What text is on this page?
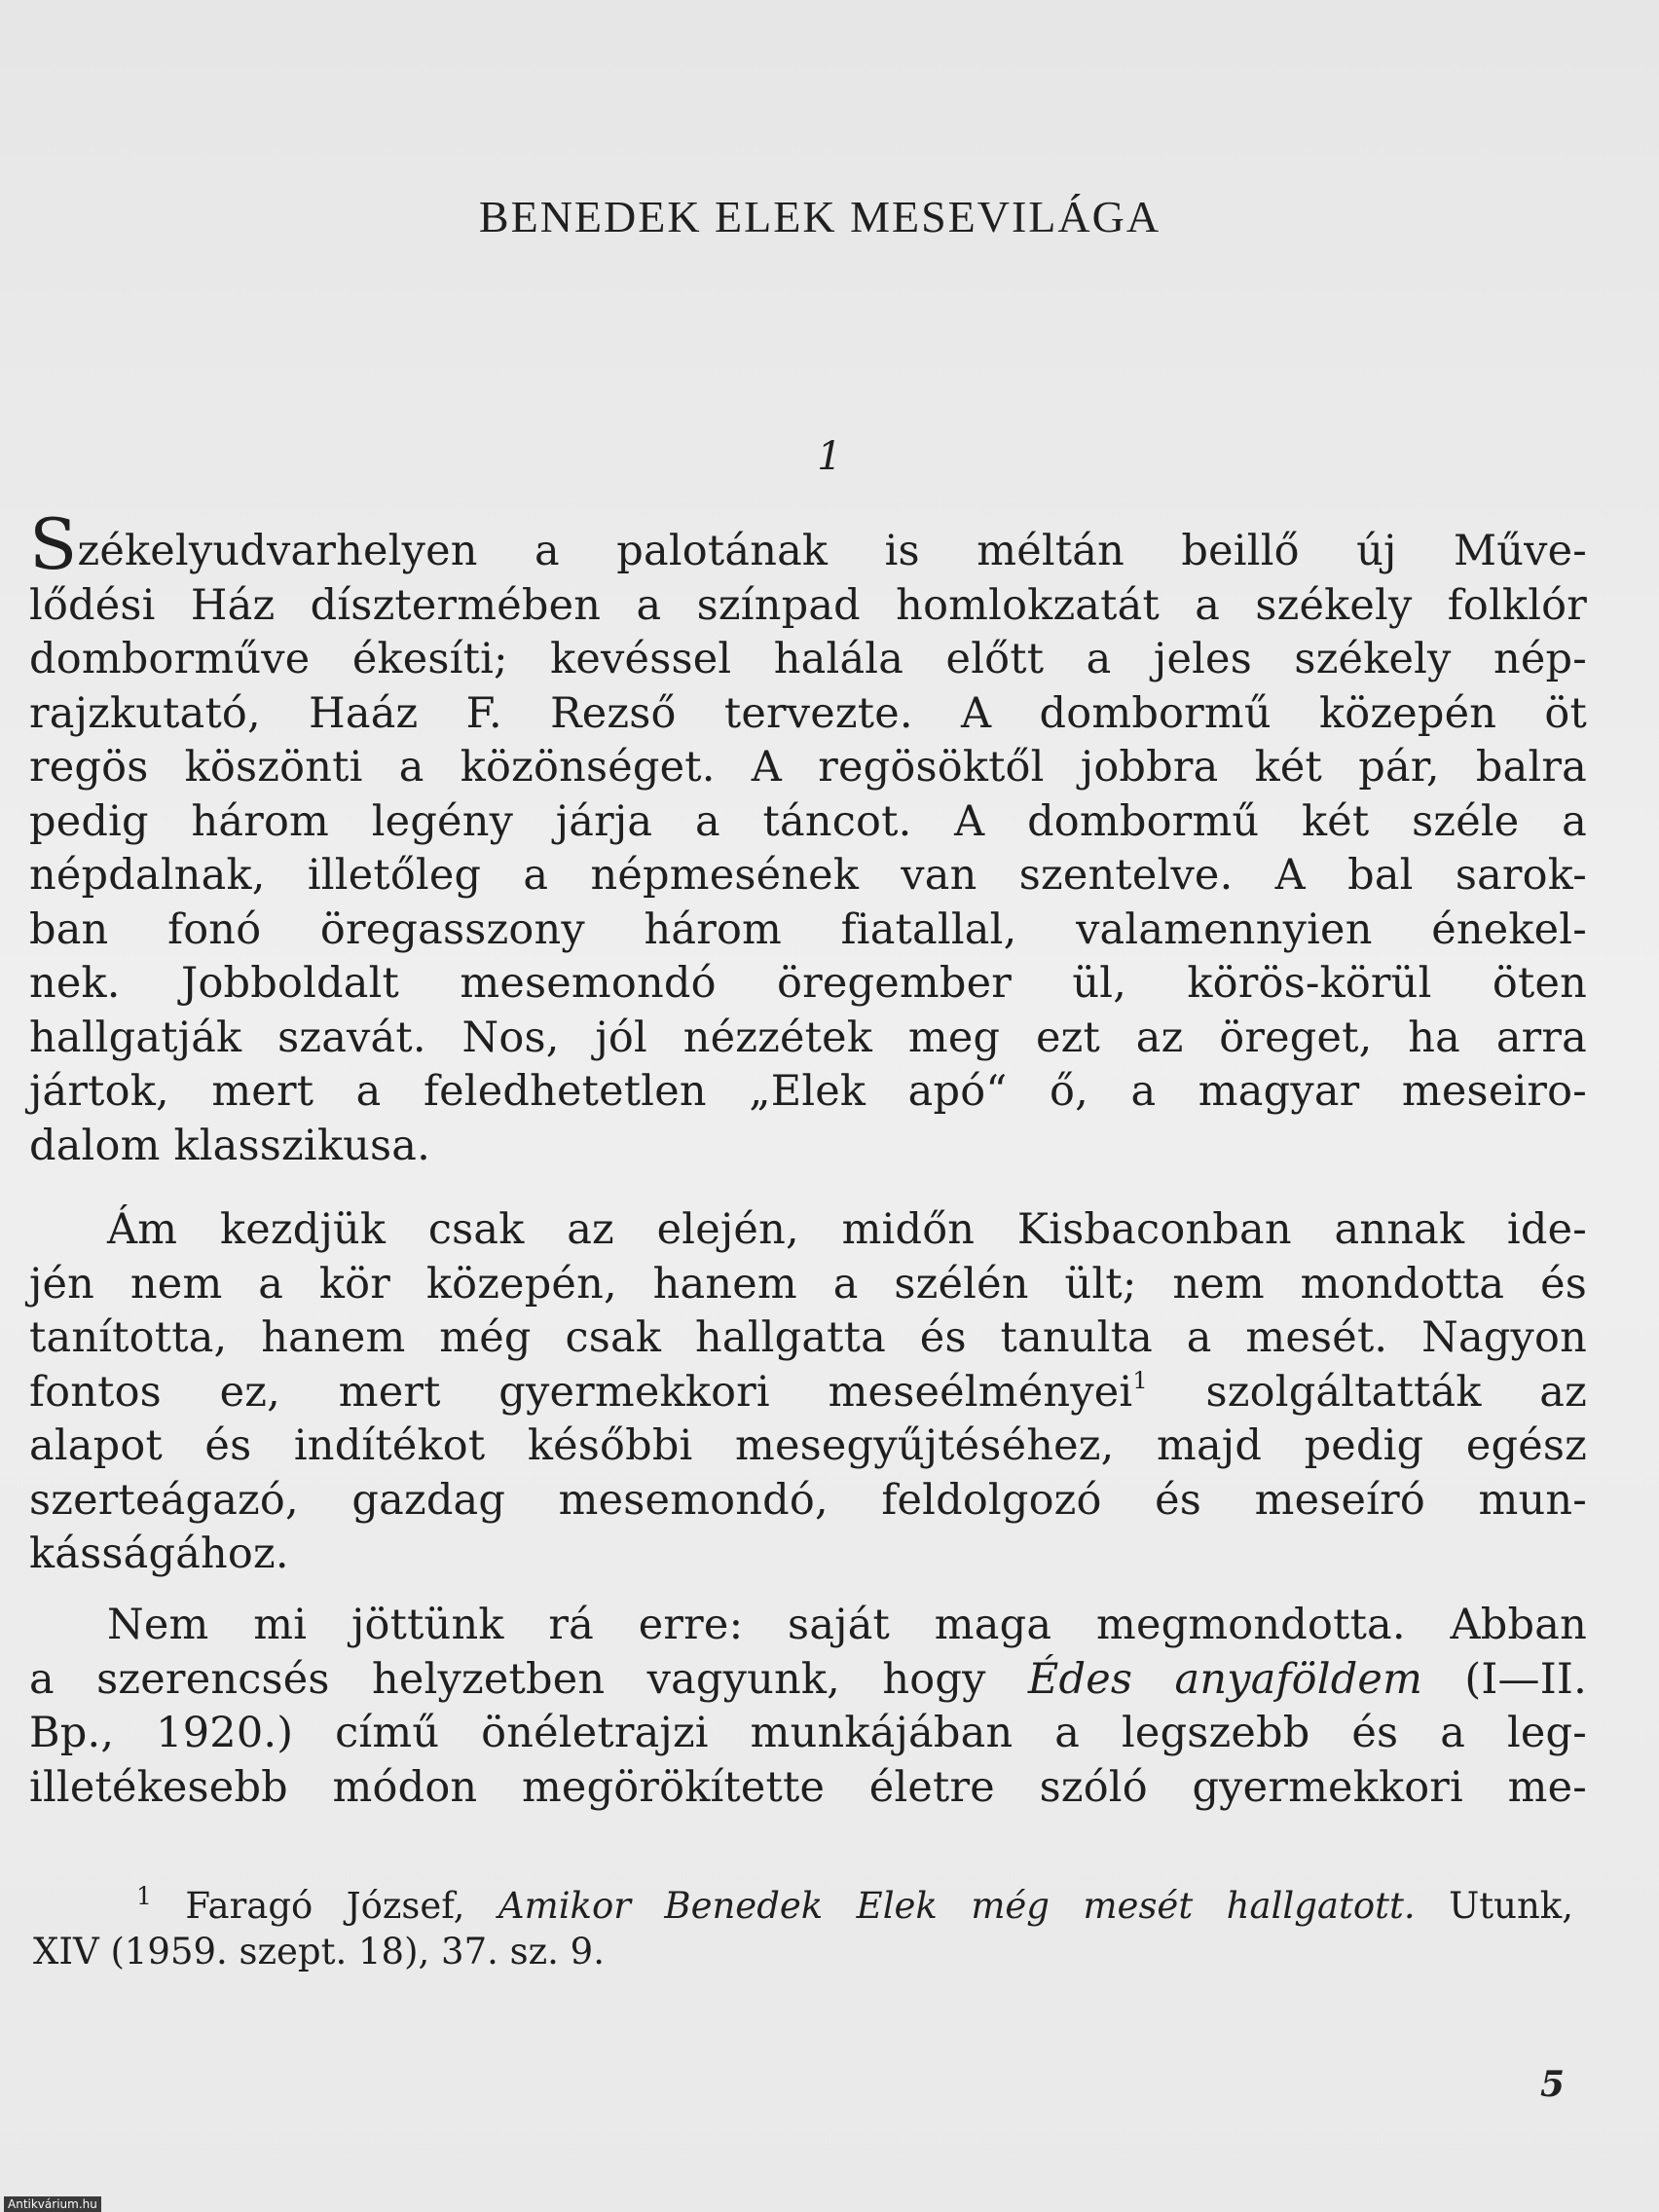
BENEDEK ELEK MESEVILÁGA

1

Székelyudvarhelyen a palotának is méltán beillő új Műve-
lődési Ház dísztermében a színpad homlokzatát a székely folklór
domborműve ékesíti; kevéssel halála előtt a jeles székely nép-
rajzkutató, Haáz F. Rezső tervezte. A dombormű közepén öt
regös köszönti a közönséget. A regösöktől jobbra két pár, balra
pedig három legény járja a táncot. A dombormű két széle a
népdalnak, illetőleg a népmesének van szentelve. A bal sarok-
ban fonó öregasszony három fiatallal, valamennyien énekel-
nek. Jobboldalt mesemondó öregember ül, körös-körül öten
hallgatják szavát. Nos, jól nézzétek meg ezt az öreget, ha arra
jártok, mert a feledhetetlen „Elek apó“ ő, a magyar meseiro-
dalom klasszikusa.
Ám kezdjük csak az elején, midőn Kisbaconban annak ide-
jén nem a kör közepén, hanem a szélén ült; nem mondotta és
tanította, hanem még csak hallgatta és tanulta a mesét. Nagyon
fontos ez, mert gyermekkori meseélményei$^1$ szolgáltatták az
alapot és indítékot későbbi mesegyűjtéséhez, majd pedig egész
szerteágazó, gazdag mesemondó, feldolgozó és meseíró mun-
kásságához.
Nem mi jöttünk rá erre: saját maga megmondotta. Abban
a szerencsés helyzetben vagyunk, hogy Édes anyaföldem (I—II.
Bp., 1920.) című önéletrajzi munkájában a legszebb és a leg-
illetékesebb módon megörökítette életre szóló gyermekkori me-
$^1$ Faragó József, Amikor Benedek Elek még mesét hallgatott. Utunk,
XIV (1959. szept. 18), 37. sz. 9.

5

Antikvárium.hu
